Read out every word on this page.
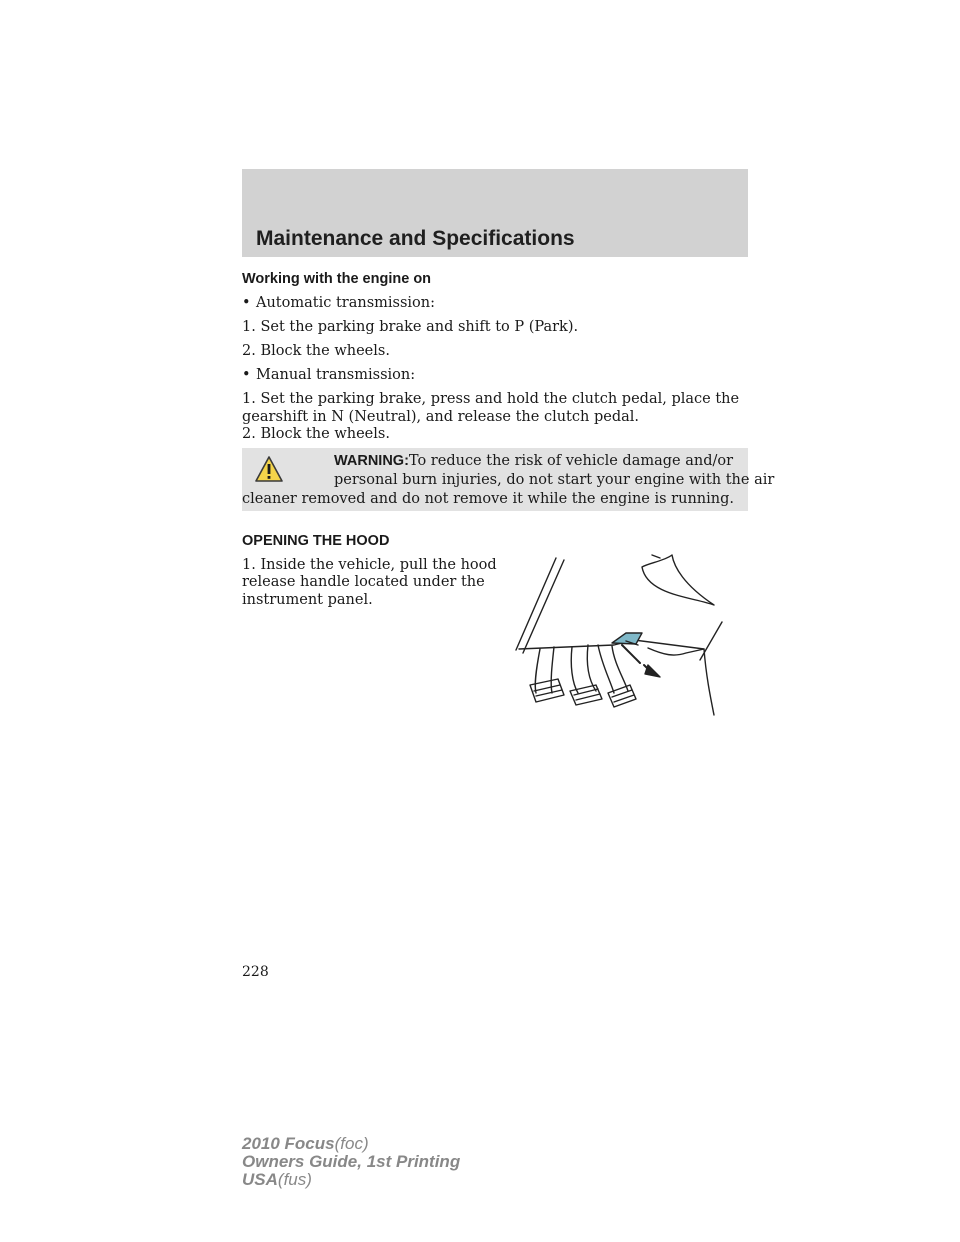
Maintenance and Specifications
Working with the engine on
• Automatic transmission:
1. Set the parking brake and shift to P (Park).
2. Block the wheels.
• Manual transmission:
1. Set the parking brake, press and hold the clutch pedal, place the
gearshift in N (Neutral), and release the clutch pedal.
2. Block the wheels.
WARNING:To reduce the risk of vehicle damage and/or
personal burn injuries, do not start your engine with the air
cleaner removed and do not remove it while the engine is running.
OPENING THE HOOD
1. Inside the vehicle, pull the hood
release handle located under the
instrument panel.
228
2010 Focus(foc)
Owners Guide, 1st Printing
USA(fus)
